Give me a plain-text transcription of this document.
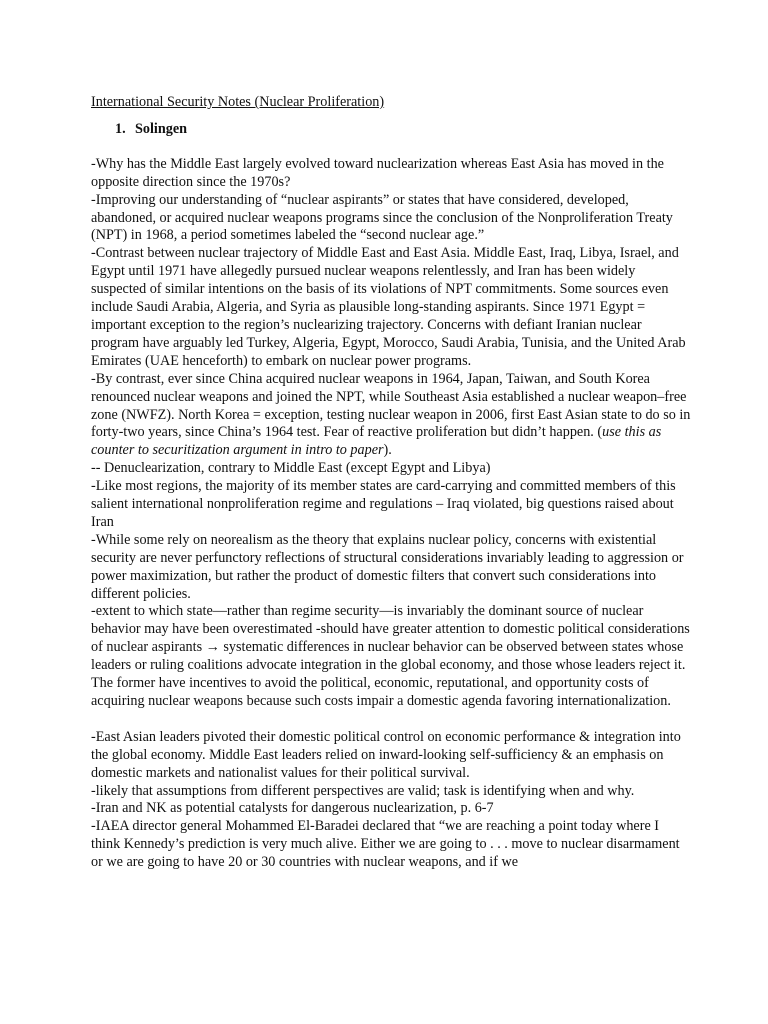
International Security Notes (Nuclear Proliferation)

1. Solingen

-Why has the Middle East largely evolved toward nuclearization whereas East Asia has moved in the opposite direction since the 1970s?

-Improving our understanding of “nuclear aspirants” or states that have considered, developed, abandoned, or acquired nuclear weapons programs since the conclusion of the Nonproliferation Treaty (NPT) in 1968, a period sometimes labeled the “second nuclear age.”

-Contrast between nuclear trajectory of Middle East and East Asia. Middle East, Iraq, Libya, Israel, and Egypt until 1971 have allegedly pursued nuclear weapons relentlessly, and Iran has been widely suspected of similar intentions on the basis of its violations of NPT commitments. Some sources even include Saudi Arabia, Algeria, and Syria as plausible long-standing aspirants. Since 1971 Egypt = important exception to the region’s nuclearizing trajectory. Concerns with defiant Iranian nuclear program have arguably led Turkey, Algeria, Egypt, Morocco, Saudi Arabia, Tunisia, and the United Arab Emirates (UAE henceforth) to embark on nuclear power programs.

-By contrast, ever since China acquired nuclear weapons in 1964, Japan, Taiwan, and South Korea renounced nuclear weapons and joined the NPT, while Southeast Asia established a nuclear weapon–free zone (NWFZ). North Korea = exception, testing nuclear weapon in 2006, first East Asian state to do so in forty-two years, since China’s 1964 test. Fear of reactive proliferation but didn’t happen. (use this as counter to securitization argument in intro to paper).

-- Denuclearization, contrary to Middle East (except Egypt and Libya)

-Like most regions, the majority of its member states are card-carrying and committed members of this salient international nonproliferation regime and regulations – Iraq violated, big questions raised about Iran

-While some rely on neorealism as the theory that explains nuclear policy, concerns with existential security are never perfunctory reflections of structural considerations invariably leading to aggression or power maximization, but rather the product of domestic filters that convert such considerations into different policies.

-extent to which state—rather than regime security—is invariably the dominant source of nuclear behavior may have been overestimated -should have greater attention to domestic political considerations of nuclear aspirants → systematic differences in nuclear behavior can be observed between states whose leaders or ruling coalitions advocate integration in the global economy, and those whose leaders reject it. The former have incentives to avoid the political, economic, reputational, and opportunity costs of acquiring nuclear weapons because such costs impair a domestic agenda favoring internationalization.

-East Asian leaders pivoted their domestic political control on economic performance & integration into the global economy. Middle East leaders relied on inward-looking self-sufficiency & an emphasis on domestic markets and nationalist values for their political survival.

-likely that assumptions from different perspectives are valid; task is identifying when and why.

-Iran and NK as potential catalysts for dangerous nuclearization, p. 6-7

-IAEA director general Mohammed El-Baradei declared that “we are reaching a point today where I think Kennedy’s prediction is very much alive. Either we are going to . . . move to nuclear disarmament or we are going to have 20 or 30 countries with nuclear weapons, and if we
